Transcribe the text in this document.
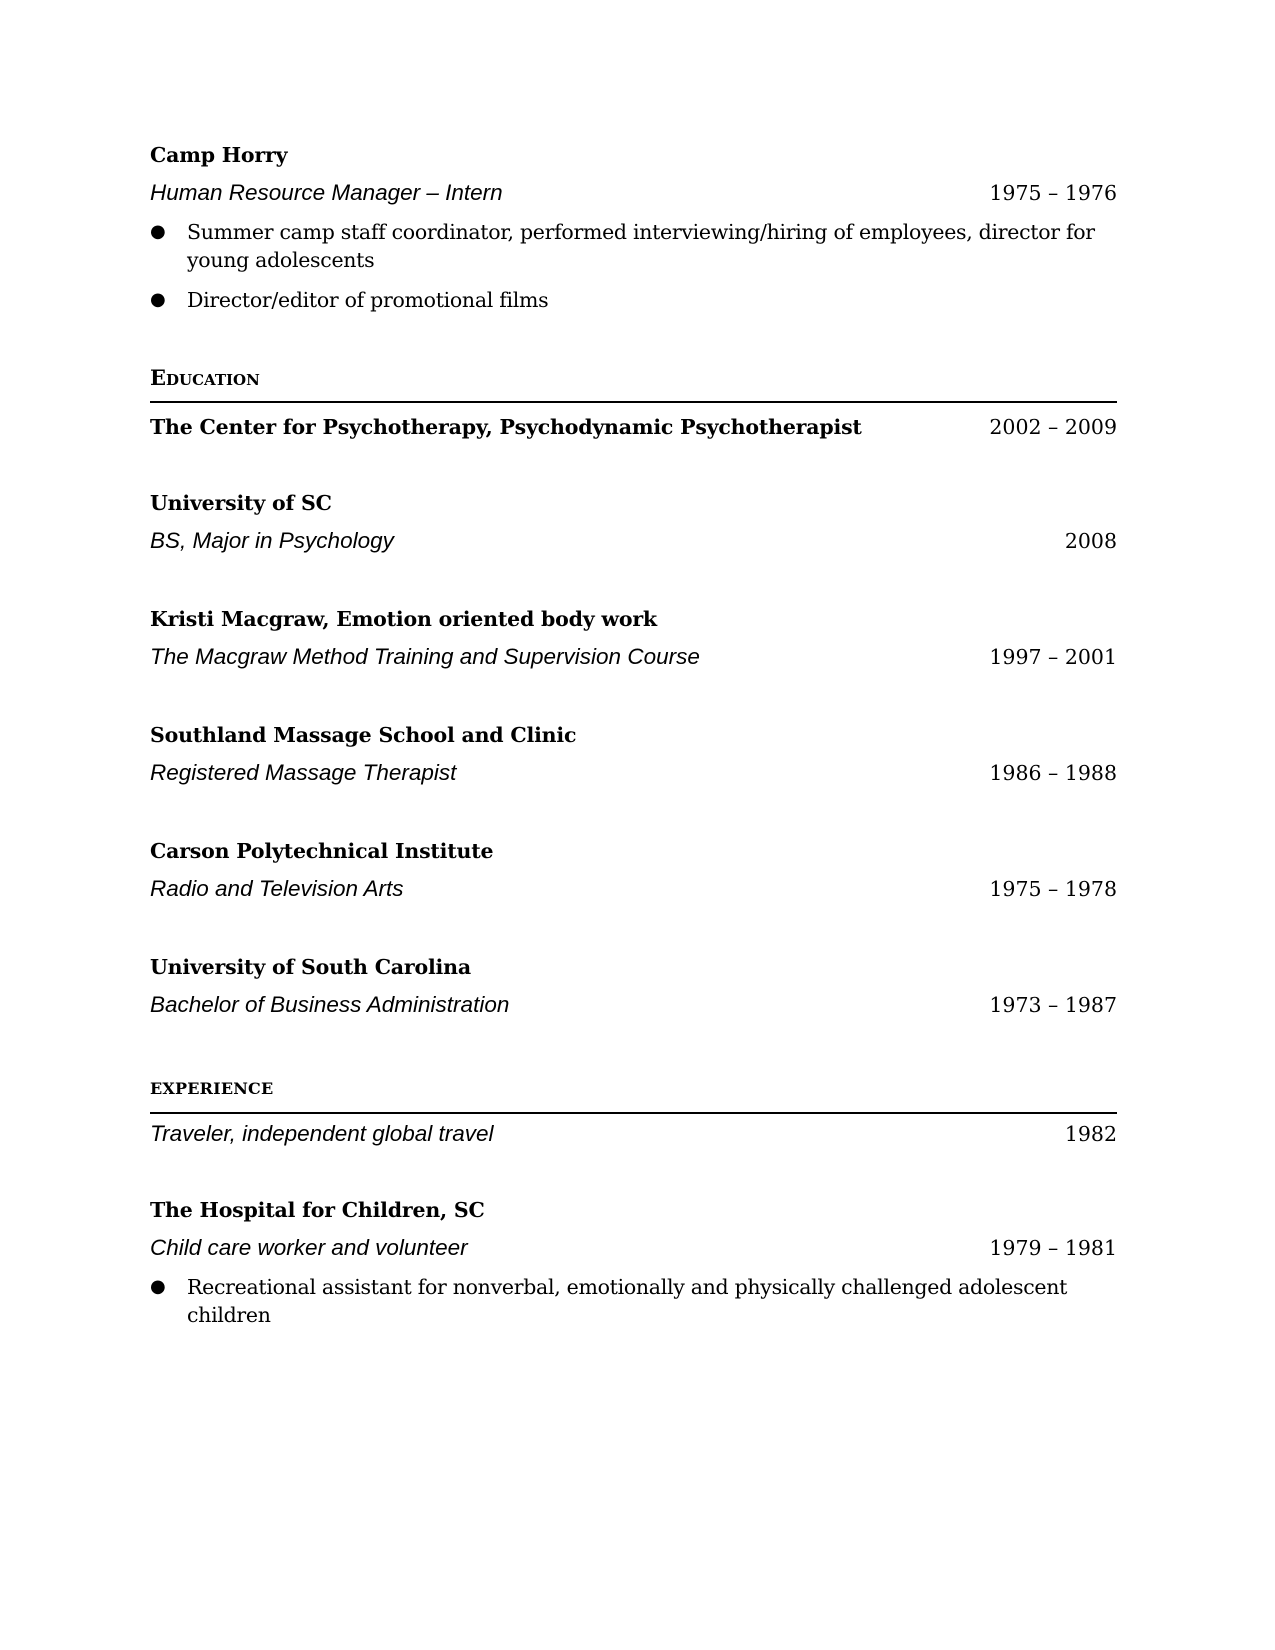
Camp Horry
Human Resource Manager – Intern	1975 – 1976
● Summer camp staff coordinator, performed interviewing/hiring of employees, director for young adolescents
● Director/editor of promotional films
Education
The Center for Psychotherapy, Psychodynamic Psychotherapist	2002 – 2009
University of SC
BS, Major in Psychology	2008
Kristi Macgraw, Emotion oriented body work
The Macgraw Method Training and Supervision Course	1997 – 2001
Southland Massage School and Clinic
Registered Massage Therapist	1986 – 1988
Carson Polytechnical Institute
Radio and Television Arts	1975 – 1978
University of South Carolina
Bachelor of Business Administration	1973 – 1987
EXPERIENCE
Traveler, independent global travel	1982
The Hospital for Children, SC
Child care worker and volunteer	1979 – 1981
● Recreational assistant for nonverbal, emotionally and physically challenged adolescent children
